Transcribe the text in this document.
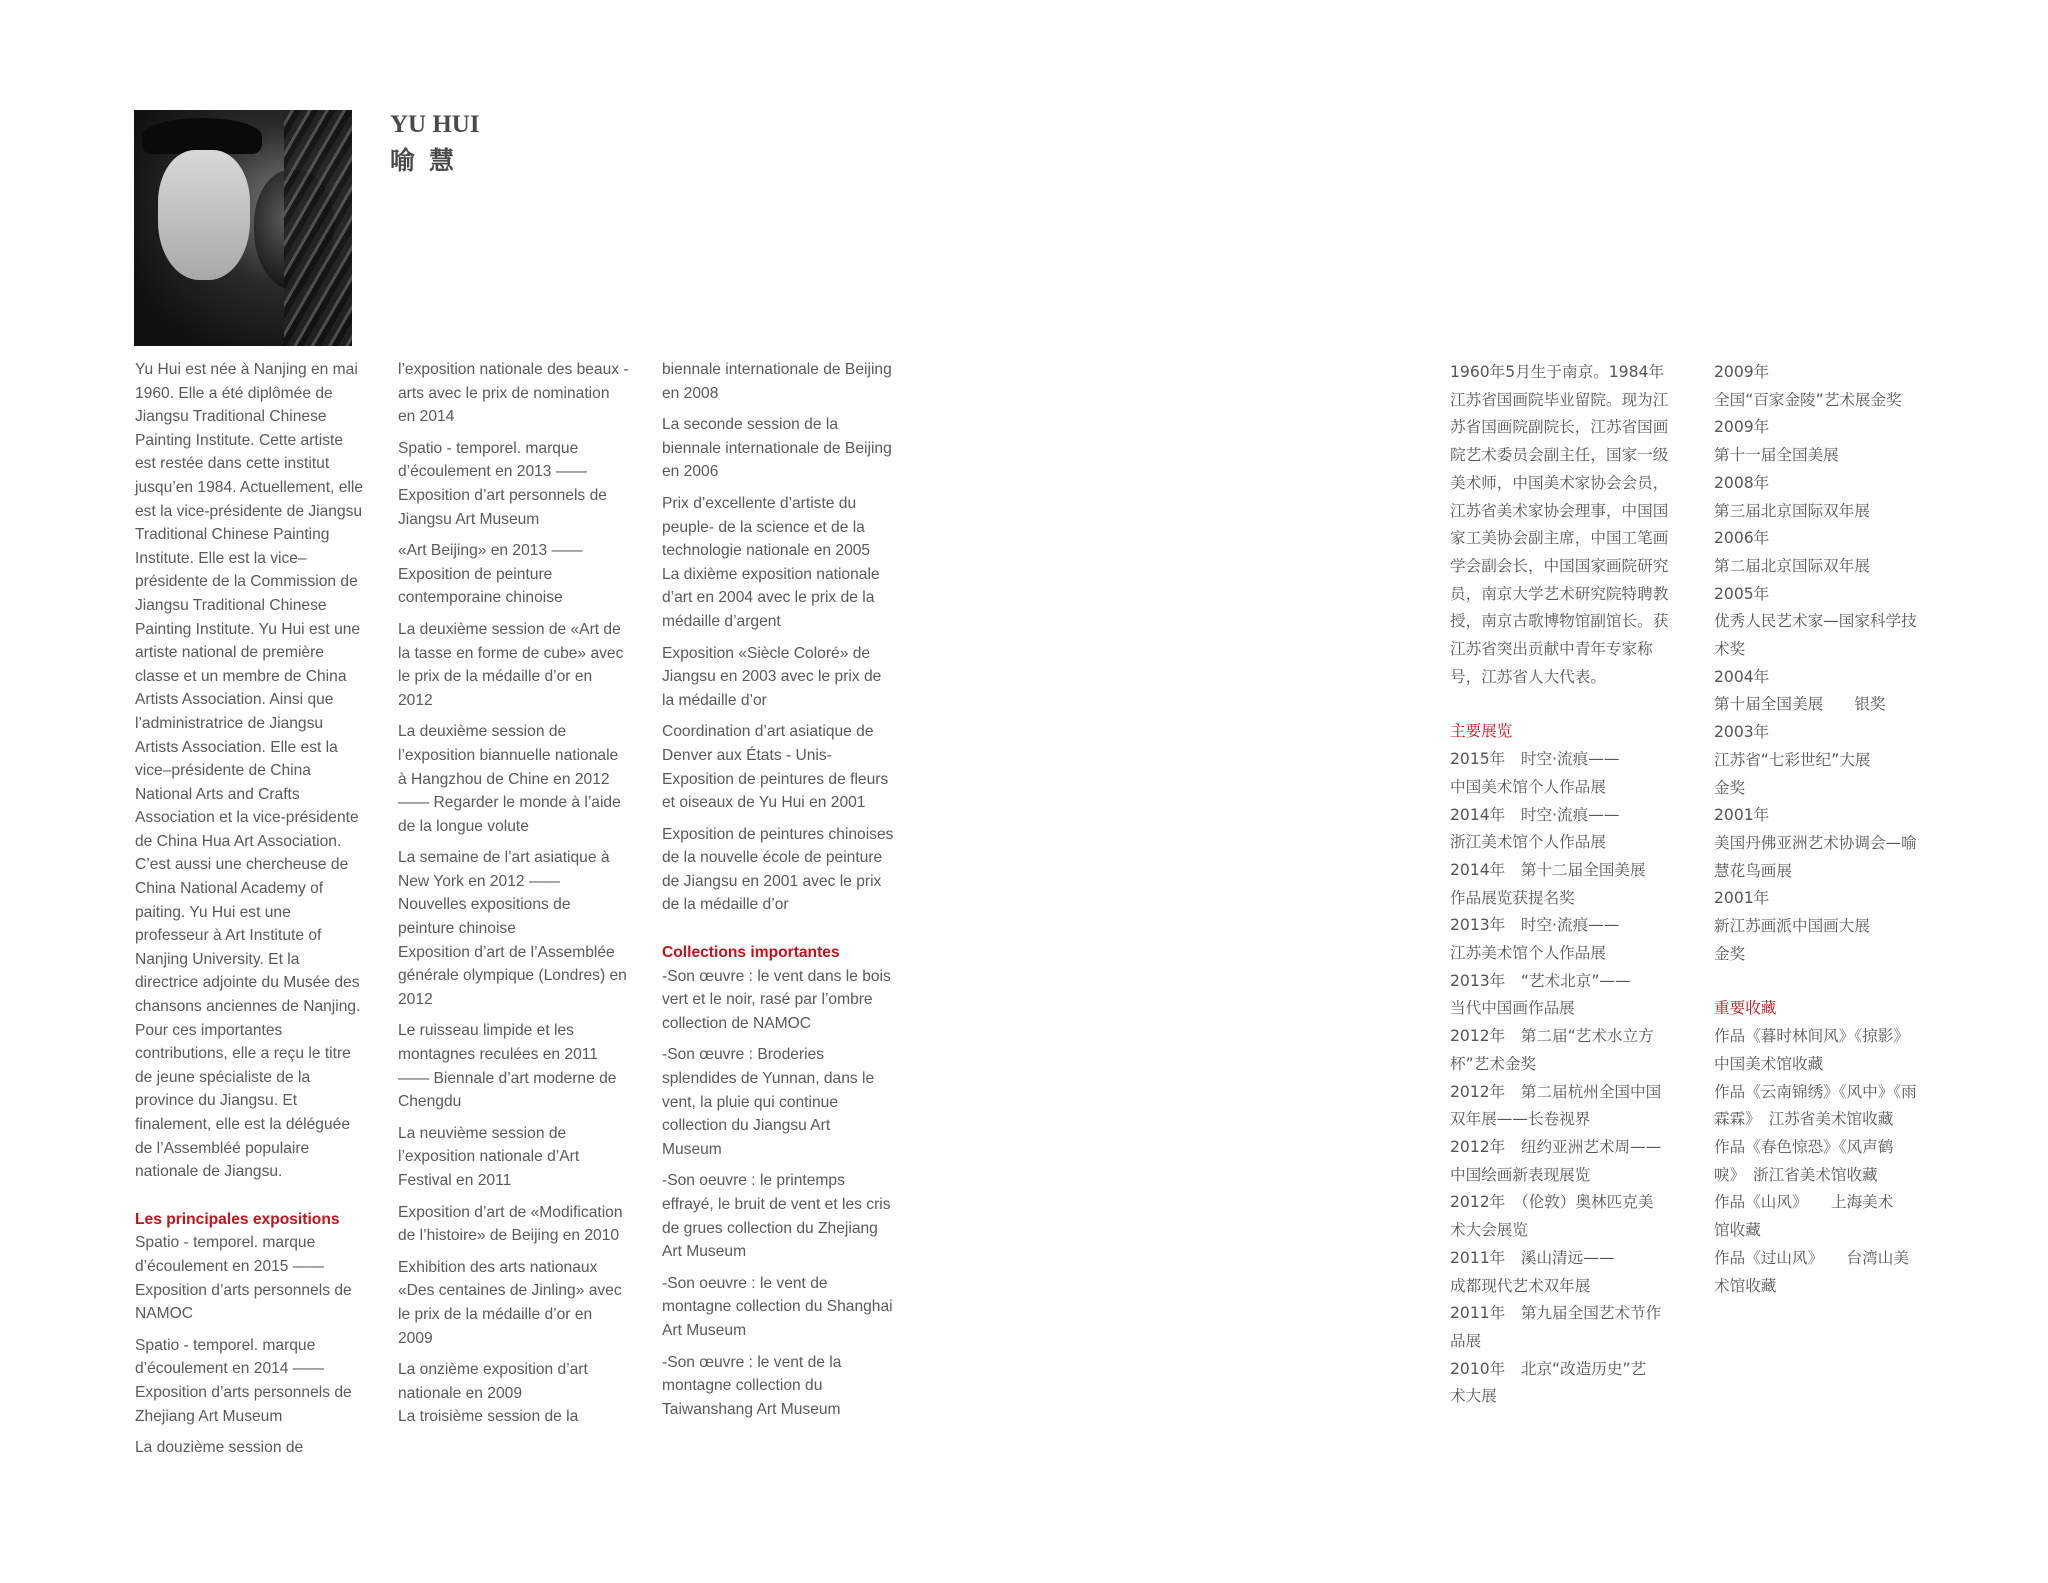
YU HUI
喻慧

Yu Hui est née à Nanjing en mai 1960. Elle a été diplômée de Jiangsu Traditional Chinese Painting Institute. Cette artiste est restée dans cette institut jusqu’en 1984. Actuellement, elle est la vice-présidente de Jiangsu Traditional Chinese Painting Institute. Elle est la vice–présidente de la Commission de Jiangsu Traditional Chinese Painting Institute. Yu Hui est une artiste national de première classe et un membre de China Artists Association. Ainsi que l’administratrice de Jiangsu Artists Association. Elle est la vice–présidente de China National Arts and Crafts Association et la vice-présidente de China Hua Art Association. C’est aussi une chercheuse de China National Academy of paiting. Yu Hui est une professeur à Art Institute of Nanjing University. Et la directrice adjointe du Musée des chansons anciennes de Nanjing. Pour ces importantes contributions, elle a reçu le titre de jeune spécialiste de la province du Jiangsu. Et finalement, elle est la déléguée de l’Assembléé populaire nationale de Jiangsu.

Les principales expositions

Spatio - temporel. marque d’écoulement en 2015 —— Exposition d’arts personnels de NAMOC

Spatio - temporel. marque d’écoulement en 2014 —— Exposition d’arts personnels de Zhejiang Art Museum

La douzième session de

l’exposition nationale des beaux - arts avec le prix de nomination en 2014

Spatio - temporel. marque d’écoulement en 2013 —— Exposition d’art personnels de Jiangsu Art Museum

«Art Beijing» en 2013 —— Exposition de peinture contemporaine chinoise

La deuxième session de «Art de la tasse en forme de cube» avec le prix de la médaille d’or en 2012

La deuxième session de l’exposition biannuelle nationale à Hangzhou de Chine en 2012 —— Regarder le monde à l’aide de la longue volute

La semaine de l’art asiatique à New York en 2012 —— Nouvelles expositions de peinture chinoise

Exposition d’art de l’Assemblée générale olympique (Londres) en 2012

Le ruisseau limpide et les montagnes reculées en 2011 —— Biennale d’art moderne de Chengdu

La neuvième session de l’exposition nationale d’Art Festival en 2011

Exposition d’art de «Modification de l’histoire» de Beijing en 2010

Exhibition des arts nationaux «Des centaines de Jinling» avec le prix de la médaille d’or en 2009

La onzième exposition d’art nationale en 2009

La troisième session de la

biennale internationale de Beijing en 2008

La seconde session de la biennale internationale de Beijing en 2006

Prix d’excellente d’artiste du peuple- de la science et de la technologie nationale en 2005

La dixième exposition nationale d’art en 2004 avec le prix de la médaille d’argent

Exposition «Siècle Coloré» de Jiangsu en 2003 avec le prix de la médaille d’or

Coordination d’art asiatique de Denver aux États - Unis- Exposition de peintures de fleurs et oiseaux de Yu Hui en 2001

Exposition de peintures chinoises de la nouvelle école de peinture de Jiangsu en 2001 avec le prix de la médaille d’or

Collections importantes

-Son œuvre : le vent dans le bois vert et le noir, rasé par l’ombre collection de NAMOC

-Son œuvre : Broderies splendides de Yunnan, dans le vent, la pluie qui continue collection du Jiangsu Art Museum

-Son oeuvre : le printemps effrayé, le bruit de vent et les cris de grues collection du Zhejiang Art Museum

-Son oeuvre : le vent de montagne collection du Shanghai Art Museum

-Son œuvre : le vent de la montagne collection du Taiwanshang Art Museum

1960年5月生于南京。1984年江苏省国画院毕业留院。现为江苏省国画院副院长，江苏省国画院艺术委员会副主任，国家一级美术师，中国美术家协会会员，江苏省美术家协会理事，中国国家工美协会副主席，中国工笔画学会副会长，中国国家画院研究员，南京大学艺术研究院特聘教授，南京古歌博物馆副馆长。获江苏省突出贡献中青年专家称号，江苏省人大代表。

主要展览

2015年　时空·流痕——

中国美术馆个人作品展

2014年　时空·流痕——

浙江美术馆个人作品展

2014年　第十二届全国美展

作品展览获提名奖

2013年　时空·流痕——

江苏美术馆个人作品展

2013年　“艺术北京”——

当代中国画作品展

2012年　第二届“艺术水立方

杯”艺术金奖

2012年　第二届杭州全国中国

双年展——长卷视界

2012年　纽约亚洲艺术周——

中国绘画新表现展览

2012年　（伦敦）奥林匹克美

术大会展览

2011年　溪山清远——

成都现代艺术双年展

2011年　第九届全国艺术节作

品展

2010年　北京“改造历史”艺

术大展

2009年

全国“百家金陵”艺术展金奖

2009年

第十一届全国美展

2008年

第三届北京国际双年展

2006年

第二届北京国际双年展

2005年

优秀人民艺术家—国家科学技

术奖

2004年

第十届全国美展　　银奖

2003年

江苏省“七彩世纪”大展

金奖

2001年

美国丹佛亚洲艺术协调会—喻

慧花鸟画展

2001年

新江苏画派中国画大展

金奖

重要收藏

作品《暮时林间风》《掠影》

中国美术馆收藏

作品《云南锦绣》《风中》《雨

霖霖》　江苏省美术馆收藏

作品《春色惊恐》《风声鹤

唳》　浙江省美术馆收藏

作品《山风》　　上海美术

馆收藏

作品《过山风》　　台湾山美

术馆收藏
